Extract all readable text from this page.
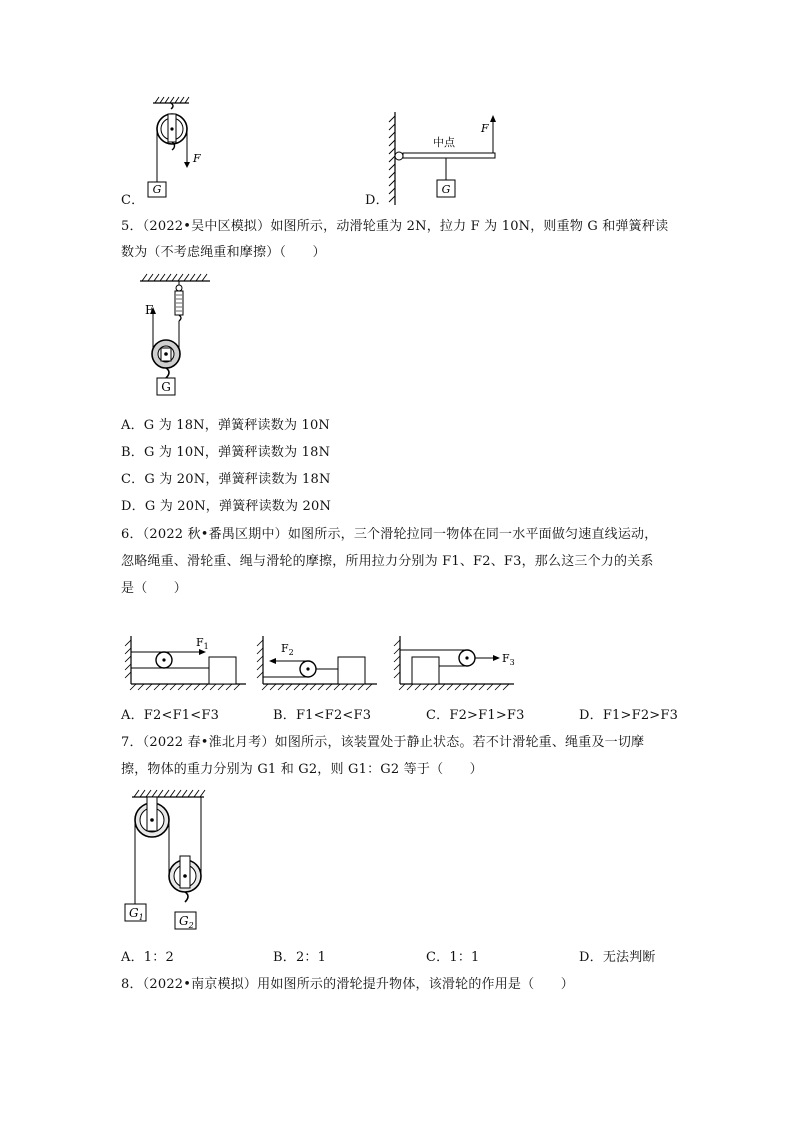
C．
F
G
D．
F
中点
G
5．（2022•吴中区模拟）如图所示，动滑轮重为 2N，拉力 F 为 10N，则重物 G 和弹簧秤读
数为（不考虑绳重和摩擦）（　　）
F
G
A．G 为 18N，弹簧秤读数为 10N
B．G 为 10N，弹簧秤读数为 18N
C．G 为 20N，弹簧秤读数为 18N
D．G 为 20N，弹簧秤读数为 20N
6．（2022 秋•番禺区期中）如图所示，三个滑轮拉同一物体在同一水平面做匀速直线运动，
忽略绳重、滑轮重、绳与滑轮的摩擦，所用拉力分别为 F1、F2、F3，那么这三个力的关系
是（　　）
$F_1$	$F_2$	$F_3$
A．F2<F1<F3	B．F1<F2<F3	C．F2>F1>F3	D．F1>F2>F3
7．（2022 春•淮北月考）如图所示，该装置处于静止状态。若不计滑轮重、绳重及一切摩
擦，物体的重力分别为 G1 和 G2，则 G1：G2 等于（　　）
$G_1$	$G_2$
A．1：2	B．2：1	C．1：1	D．无法判断
8．（2022•南京模拟）用如图所示的滑轮提升物体，该滑轮的作用是（　　）
